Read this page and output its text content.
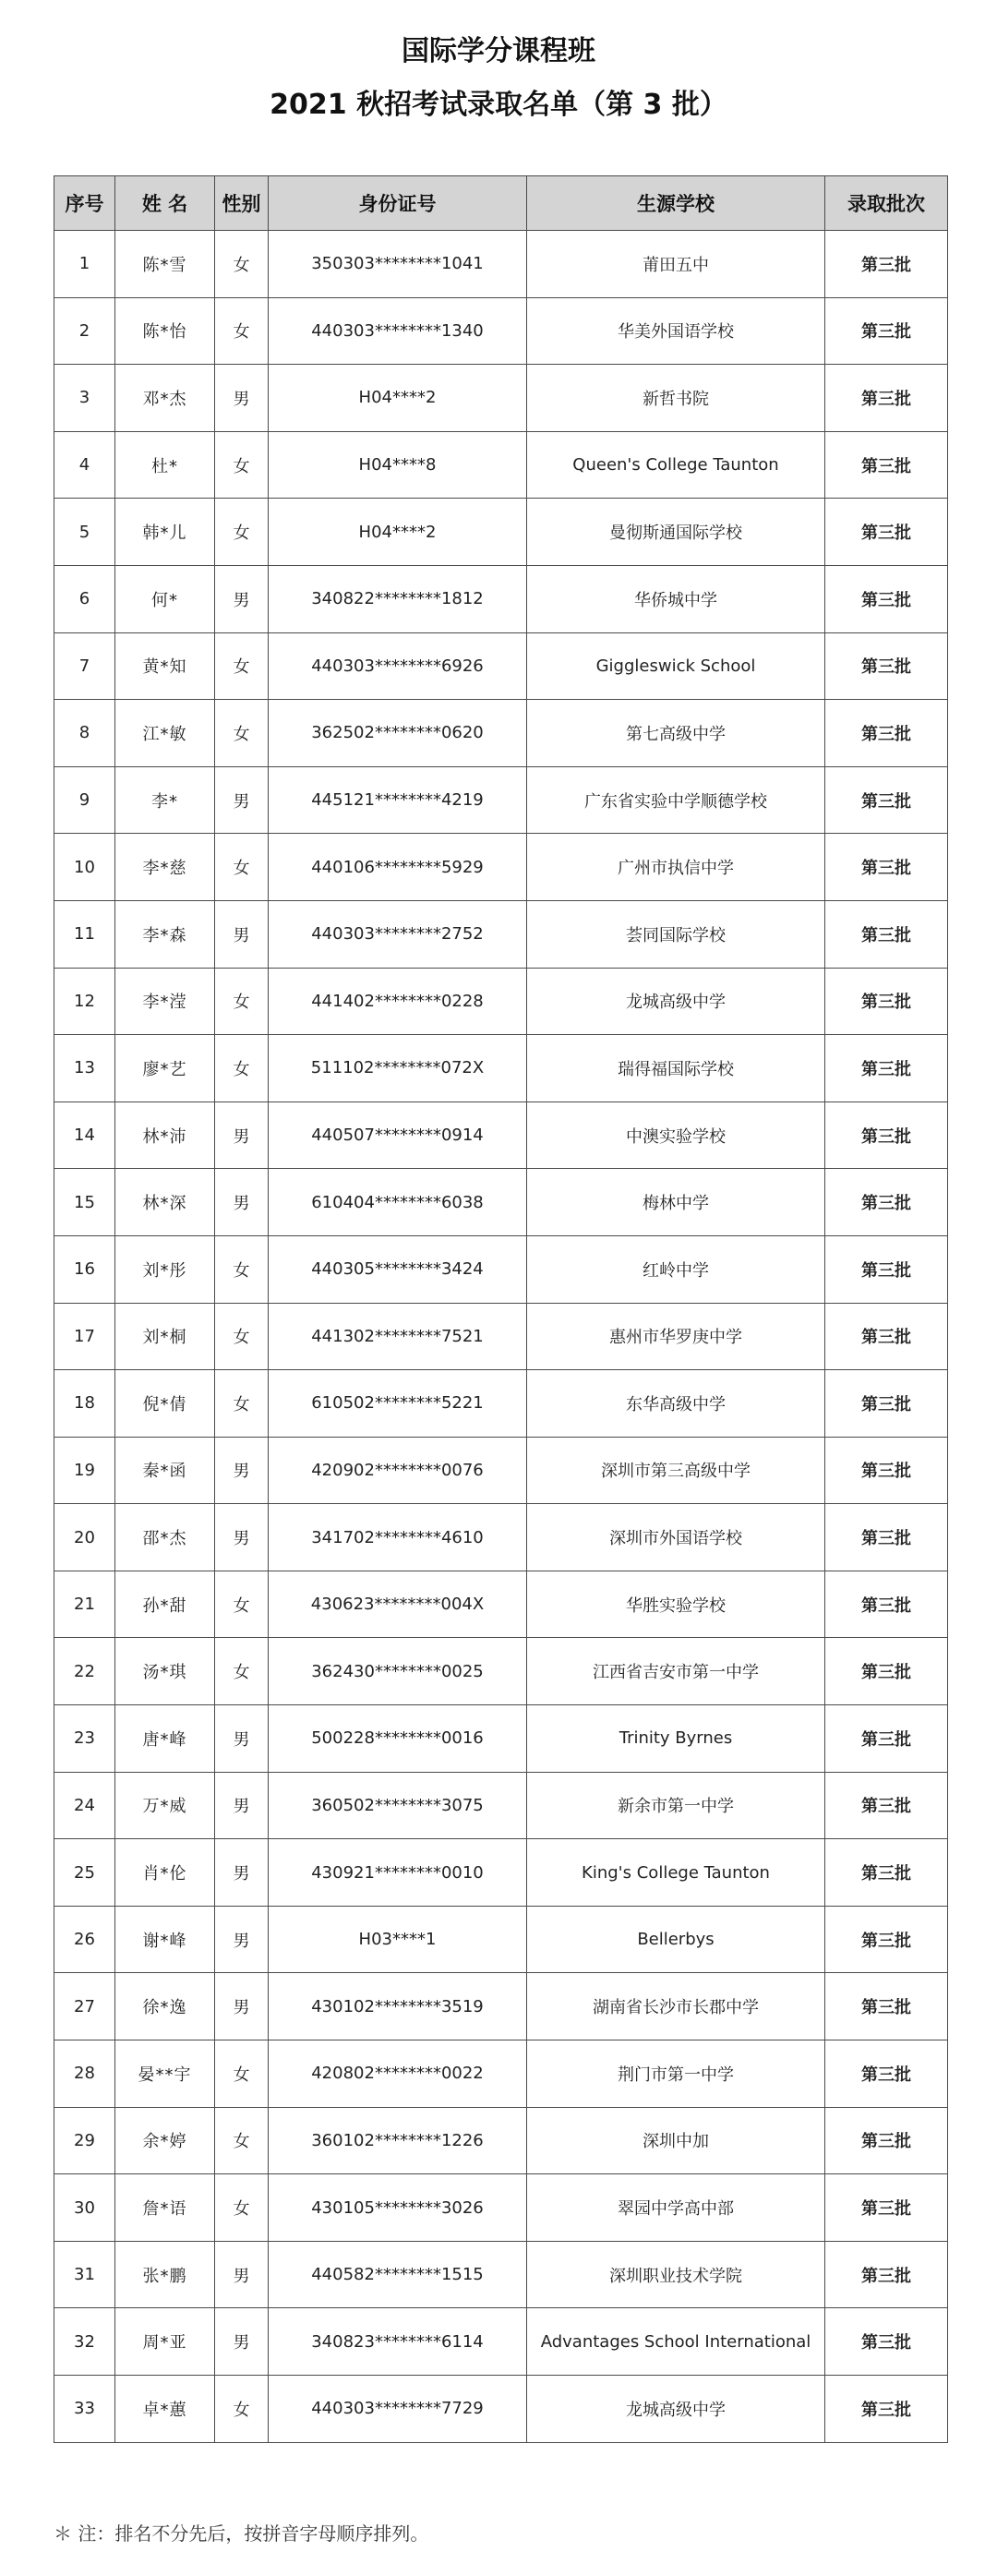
国际学分课程班
2021 秋招考试录取名单（第 3 批）
序号	姓 名	性别	身份证号	生源学校	录取批次
1	陈*雪	女	350303********1041	莆田五中	第三批
2	陈*怡	女	440303********1340	华美外国语学校	第三批
3	邓*杰	男	H04****2	新哲书院	第三批
4	杜*	女	H04****8	Queen's College Taunton	第三批
5	韩*儿	女	H04****2	曼彻斯通国际学校	第三批
6	何*	男	340822********1812	华侨城中学	第三批
7	黄*知	女	440303********6926	Giggleswick School	第三批
8	江*敏	女	362502********0620	第七高级中学	第三批
9	李*	男	445121********4219	广东省实验中学顺德学校	第三批
10	李*慈	女	440106********5929	广州市执信中学	第三批
11	李*森	男	440303********2752	荟同国际学校	第三批
12	李*滢	女	441402********0228	龙城高级中学	第三批
13	廖*艺	女	511102********072X	瑞得福国际学校	第三批
14	林*沛	男	440507********0914	中澳实验学校	第三批
15	林*深	男	610404********6038	梅林中学	第三批
16	刘*彤	女	440305********3424	红岭中学	第三批
17	刘*桐	女	441302********7521	惠州市华罗庚中学	第三批
18	倪*倩	女	610502********5221	东华高级中学	第三批
19	秦*函	男	420902********0076	深圳市第三高级中学	第三批
20	邵*杰	男	341702********4610	深圳市外国语学校	第三批
21	孙*甜	女	430623********004X	华胜实验学校	第三批
22	汤*琪	女	362430********0025	江西省吉安市第一中学	第三批
23	唐*峰	男	500228********0016	Trinity Byrnes	第三批
24	万*威	男	360502********3075	新余市第一中学	第三批
25	肖*伦	男	430921********0010	King's College Taunton	第三批
26	谢*峰	男	H03****1	Bellerbys	第三批
27	徐*逸	男	430102********3519	湖南省长沙市长郡中学	第三批
28	晏**宇	女	420802********0022	荆门市第一中学	第三批
29	余*婷	女	360102********1226	深圳中加	第三批
30	詹*语	女	430105********3026	翠园中学高中部	第三批
31	张*鹏	男	440582********1515	深圳职业技术学院	第三批
32	周*亚	男	340823********6114	Advantages School International	第三批
33	卓*蕙	女	440303********7729	龙城高级中学	第三批
＊ 注：排名不分先后，按拼音字母顺序排列。
